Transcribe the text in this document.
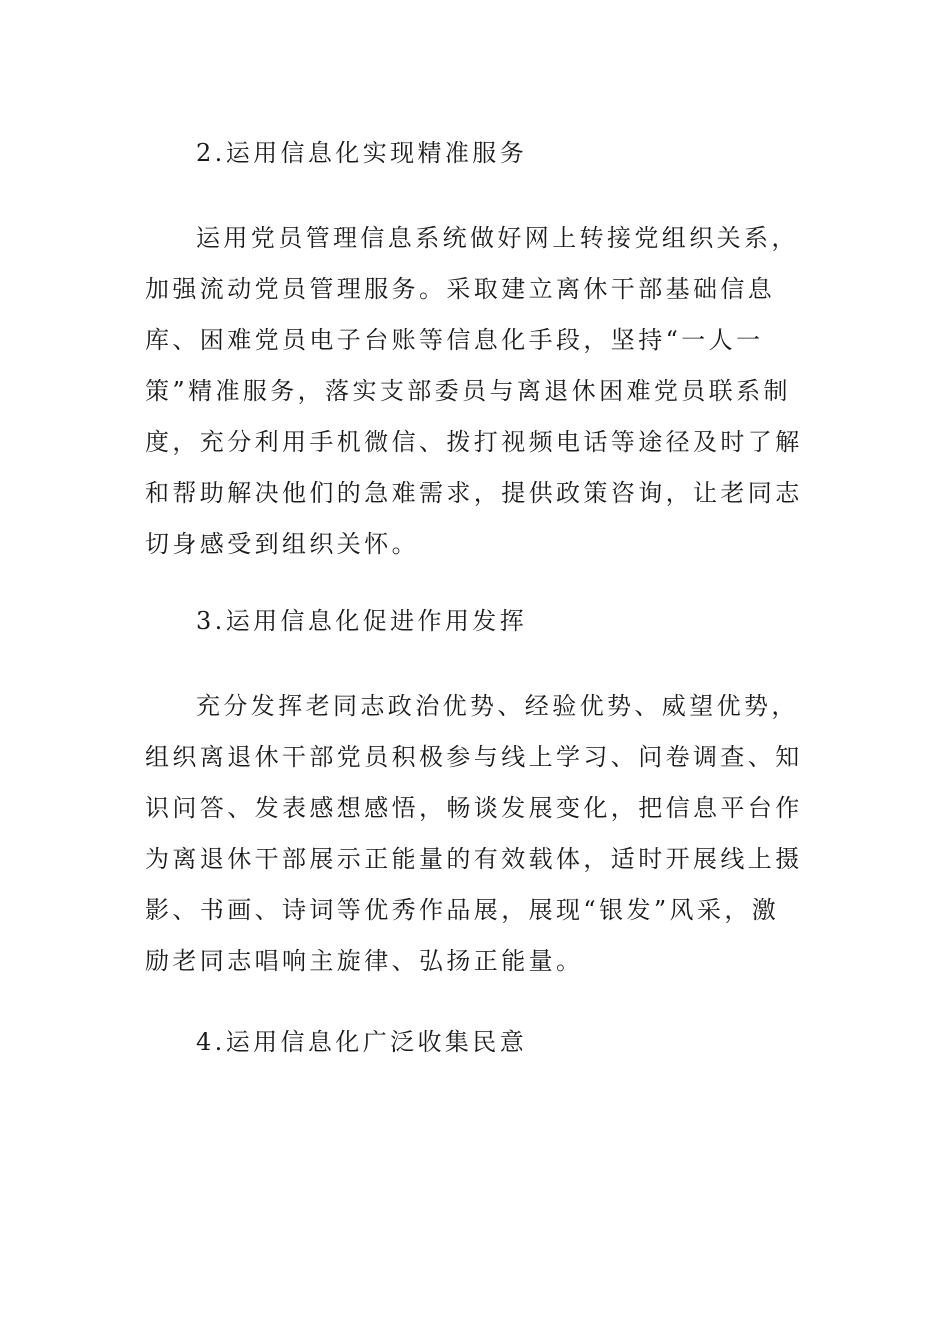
2.运用信息化实现精准服务

运用党员管理信息系统做好网上转接党组织关系，加强流动党员管理服务。采取建立离休干部基础信息库、困难党员电子台账等信息化手段，坚持“一人一策”精准服务，落实支部委员与离退休困难党员联系制度，充分利用手机微信、拨打视频电话等途径及时了解和帮助解决他们的急难需求，提供政策咨询，让老同志切身感受到组织关怀。

3.运用信息化促进作用发挥

充分发挥老同志政治优势、经验优势、威望优势，组织离退休干部党员积极参与线上学习、问卷调查、知识问答、发表感想感悟，畅谈发展变化，把信息平台作为离退休干部展示正能量的有效载体，适时开展线上摄影、书画、诗词等优秀作品展，展现“银发”风采，激励老同志唱响主旋律、弘扬正能量。

4.运用信息化广泛收集民意
